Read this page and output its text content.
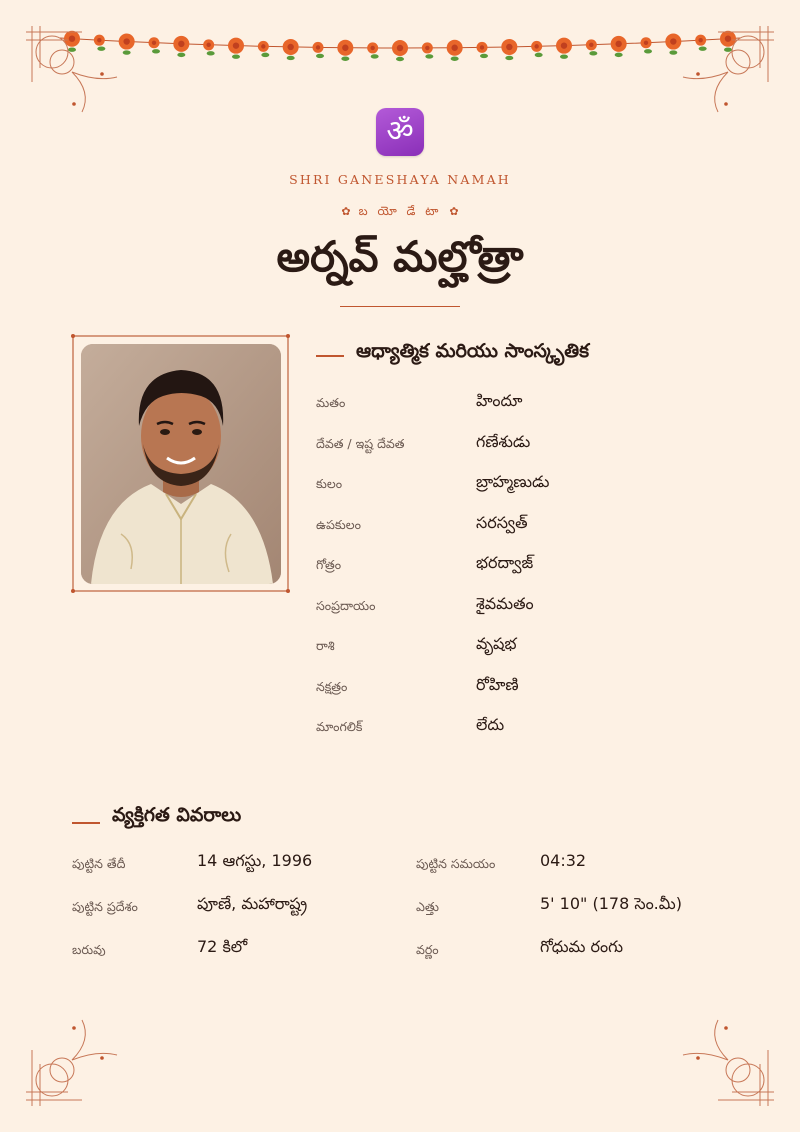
ॐ
SHRI GANESHAYA NAMAH
✿ బ యో డే టా ✿
అర్నవ్ మల్హోత్రా
ఆధ్యాత్మిక మరియు సాంస్కృతిక
మతం	హిందూ
దేవత / ఇష్ట దేవత	గణేశుడు
కులం	బ్రాహ్మణుడు
ఉపకులం	సరస్వత్
గోత్రం	భరద్వాజ్
సంప్రదాయం	శైవమతం
రాశి	వృషభ
నక్షత్రం	రోహిణి
మాంగలిక్	లేదు
వ్యక్తిగత వివరాలు
పుట్టిన తేదీ	14 ఆగస్టు, 1996	పుట్టిన సమయం	04:32
పుట్టిన ప్రదేశం	పూణే, మహారాష్ట్ర	ఎత్తు	5' 10" (178 సెం.మీ)
బరువు	72 కిలో	వర్ణం	గోధుమ రంగు
